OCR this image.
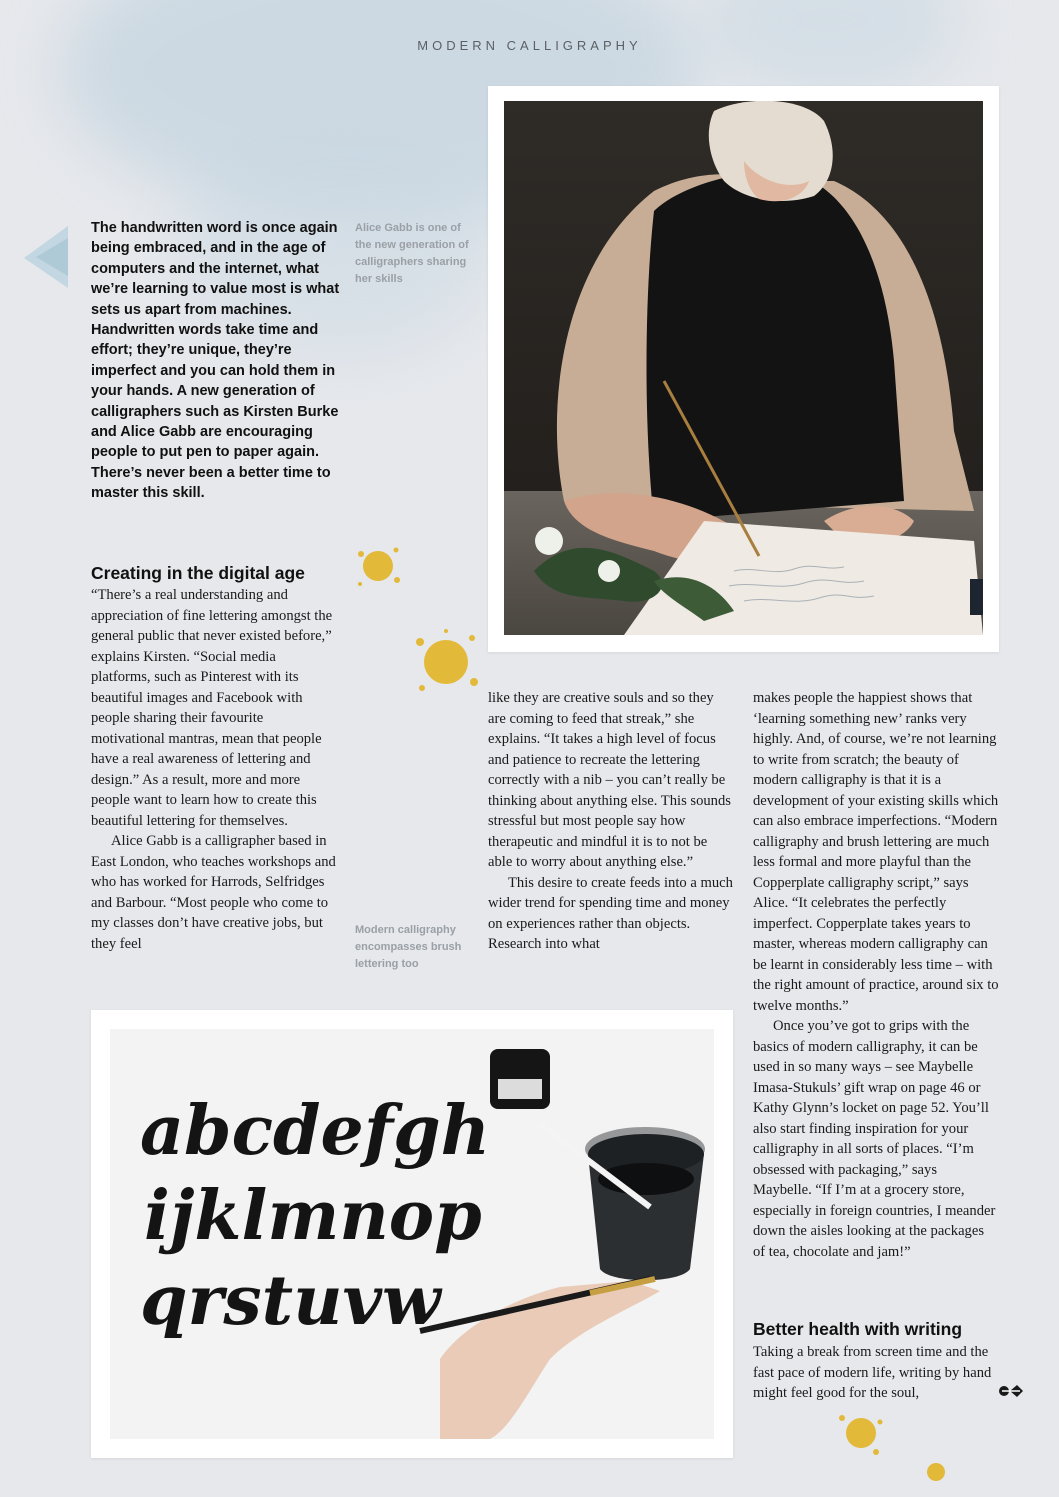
MODERN CALLIGRAPHY
The handwritten word is once again being embraced, and in the age of computers and the internet, what we’re learning to value most is what sets us apart from machines. Handwritten words take time and effort; they’re unique, they’re imperfect and you can hold them in your hands. A new generation of calligraphers such as Kirsten Burke and Alice Gabb are encouraging people to put pen to paper again. There’s never been a better time to master this skill.
Alice Gabb is one of the new generation of calligraphers sharing her skills
Creating in the digital age

“There’s a real understanding and appreciation of fine lettering amongst the general public that never existed before,” explains Kirsten. “Social media platforms, such as Pinterest with its beautiful images and Facebook with people sharing their favourite motivational mantras, mean that people have a real awareness of lettering and design.” As a result, more and more people want to learn how to create this beautiful lettering for themselves.

Alice Gabb is a calligrapher based in East London, who teaches workshops and who has worked for Harrods, Selfridges and Barbour. “Most people who come to my classes don’t have creative jobs, but they feel

like they are creative souls and so they are coming to feed that streak,” she explains. “It takes a high level of focus and patience to recreate the lettering correctly with a nib – you can’t really be thinking about anything else. This sounds stressful but most people say how therapeutic and mindful it is to not be able to worry about anything else.”

This desire to create feeds into a much wider trend for spending time and money on experiences rather than objects. Research into what

makes people the happiest shows that ‘learning something new’ ranks very highly. And, of course, we’re not learning to write from scratch; the beauty of modern calligraphy is that it is a development of your existing skills which can also embrace imperfections. “Modern calligraphy and brush lettering are much less formal and more playful than the Copperplate calligraphy script,” says Alice. “It celebrates the perfectly imperfect. Copperplate takes years to master, whereas modern calligraphy can be learnt in considerably less time – with the right amount of practice, around six to twelve months.”

Once you’ve got to grips with the basics of modern calligraphy, it can be used in so many ways – see Maybelle Imasa-Stukuls’ gift wrap on page 46 or Kathy Glynn’s locket on page 52. You’ll also start finding inspiration for your calligraphy in all sorts of places. “I’m obsessed with packaging,” says Maybelle. “If I’m at a grocery store, especially in foreign countries, I meander down the aisles looking at the packages of tea, chocolate and jam!”

Modern calligraphy encompasses brush lettering too
abcdefgh
ijklmnop
qrstuvw	Better health with writing

Taking a break from screen time and the fast pace of modern life, writing by hand might feel good for the soul,
